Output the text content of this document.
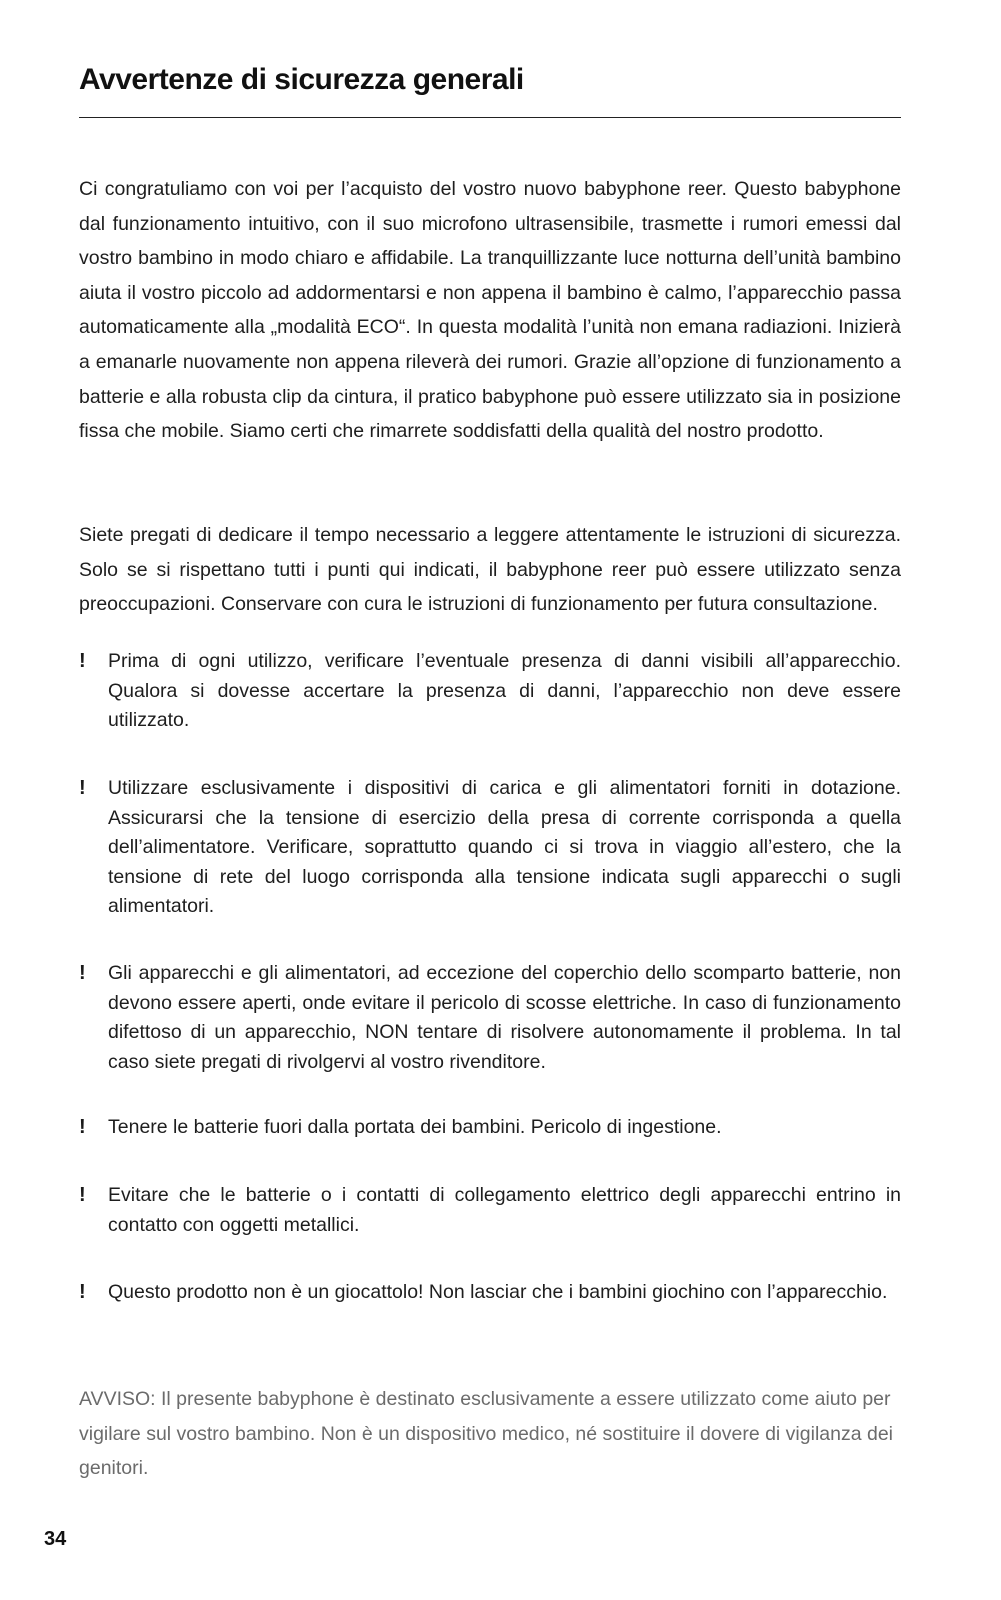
Avvertenze di sicurezza generali

Ci congratuliamo con voi per l’acquisto del vostro nuovo babyphone reer. Questo babyphone dal funzionamento intuitivo, con il suo microfono ultrasensibile, trasmette i rumori emessi dal vostro bambino in modo chiaro e affidabile. La tranquillizzante luce notturna dell’unità bambino aiuta il vostro piccolo ad addormentarsi e non appena il bambino è calmo, l’apparecchio passa automaticamente alla „modalità ECO“. In questa modalità l’unità non emana radiazioni. Inizierà a emanarle nuovamente non appena rileverà dei rumori. Grazie all’opzione di funzionamento a batterie e alla robusta clip da cintura, il pratico babyphone può essere utilizzato sia in posizione fissa che mobile. Siamo certi che rimarrete soddisfatti della qualità del nostro prodotto.

Siete pregati di dedicare il tempo necessario a leggere attentamente le istruzioni di sicurezza. Solo se si rispettano tutti i punti qui indicati, il babyphone reer può essere utilizzato senza preoccupazioni. Conservare con cura le istruzioni di funzionamento per futura consultazione.

!	Prima di ogni utilizzo, verificare l’eventuale presenza di danni visibili all’apparecchio. Qualora si dovesse accertare la presenza di danni, l’apparecchio non deve essere utilizzato.

!	Utilizzare esclusivamente i dispositivi di carica e gli alimentatori forniti in dotazione. Assicurarsi che la tensione di esercizio della presa di corrente corrisponda a quella dell’alimentatore. Verificare, soprattutto quando ci si trova in viaggio all’estero, che la tensione di rete del luogo corrisponda alla tensione indicata sugli apparecchi o sugli alimentatori.

!	Gli apparecchi e gli alimentatori, ad eccezione del coperchio dello scomparto batterie, non devono essere aperti, onde evitare il pericolo di scosse elettriche. In caso di funzionamento difettoso di un apparecchio, NON tentare di risolvere autonomamente il problema. In tal caso siete pregati di rivolgervi al vostro rivenditore.

!	Tenere le batterie fuori dalla portata dei bambini. Pericolo di ingestione.

!	Evitare che le batterie o i contatti di collegamento elettrico degli apparecchi entrino in contatto con oggetti metallici.

!	Questo prodotto non è un giocattolo! Non lasciar che i bambini giochino con l’apparecchio.

AVVISO: Il presente babyphone è destinato esclusivamente a essere utilizzato come aiuto per vigilare sul vostro bambino. Non è un dispositivo medico, né sostituire il dovere di vigilanza dei genitori.

34
